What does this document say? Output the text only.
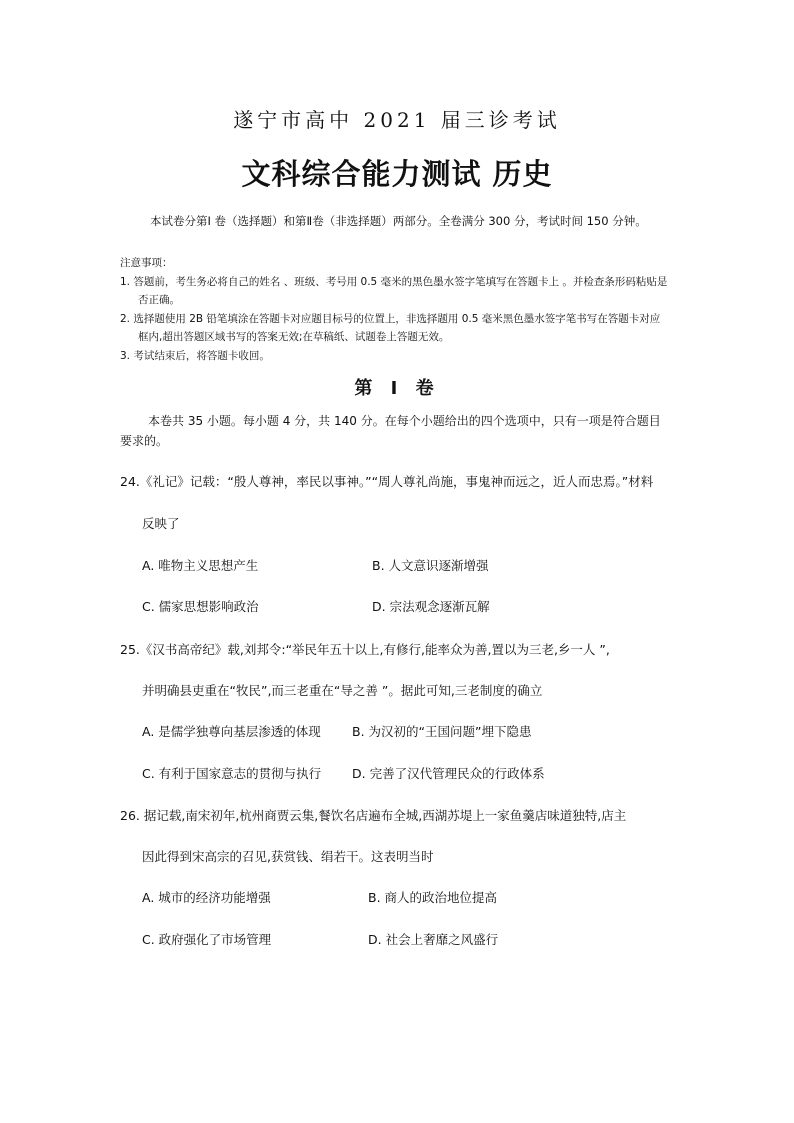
遂宁市高中 2021 届三诊考试
文科综合能力测试 历史
本试卷分第Ⅰ 卷（选择题）和第Ⅱ卷（非选择题）两部分。全卷满分 300 分，考试时间 150 分钟。
注意事项：
1. 答题前，考生务必将自己的姓名 、班级、考号用 0.5 毫米的黑色墨水签字笔填写在答题卡上 。并检查条形码粘贴是
否正确。
2. 选择题使用 2B 铅笔填涂在答题卡对应题目标号的位置上，非选择题用 0.5 毫米黑色墨水签字笔书写在答题卡对应
框内,超出答题区域书写的答案无效;在草稿纸、试题卷上答题无效。
3. 考试结束后，将答题卡收回。
第 Ⅰ 卷
本卷共 35 小题。每小题 4 分，共 140 分。在每个小题给出的四个选项中，只有一项是符合题目
要求的。
24.《礼记》记载：“殷人尊神，率民以事神。”“周人尊礼尚施，事鬼神而远之，近人而忠焉。”材料
反映了
A. 唯物主义思想产生	B. 人文意识逐渐增强
C. 儒家思想影响政治	D. 宗法观念逐渐瓦解
25.《汉书高帝纪》载,刘邦令:“举民年五十以上,有修行,能率众为善,置以为三老,乡一人 ”,
并明确县吏重在“牧民”,而三老重在“导之善 ”。据此可知,三老制度的确立
A. 是儒学独尊向基层渗透的体现 B. 为汉初的“王国问题”埋下隐患
C. 有利于国家意志的贯彻与执行 D. 完善了汉代管理民众的行政体系
26. 据记载,南宋初年,杭州商贾云集,餐饮名店遍布全城,西湖苏堤上一家鱼羹店味道独特,店主
因此得到宋高宗的召见,获赏钱、绢若干。这表明当时
A. 城市的经济功能增强	B. 商人的政治地位提高
C. 政府强化了市场管理	D. 社会上奢靡之风盛行
